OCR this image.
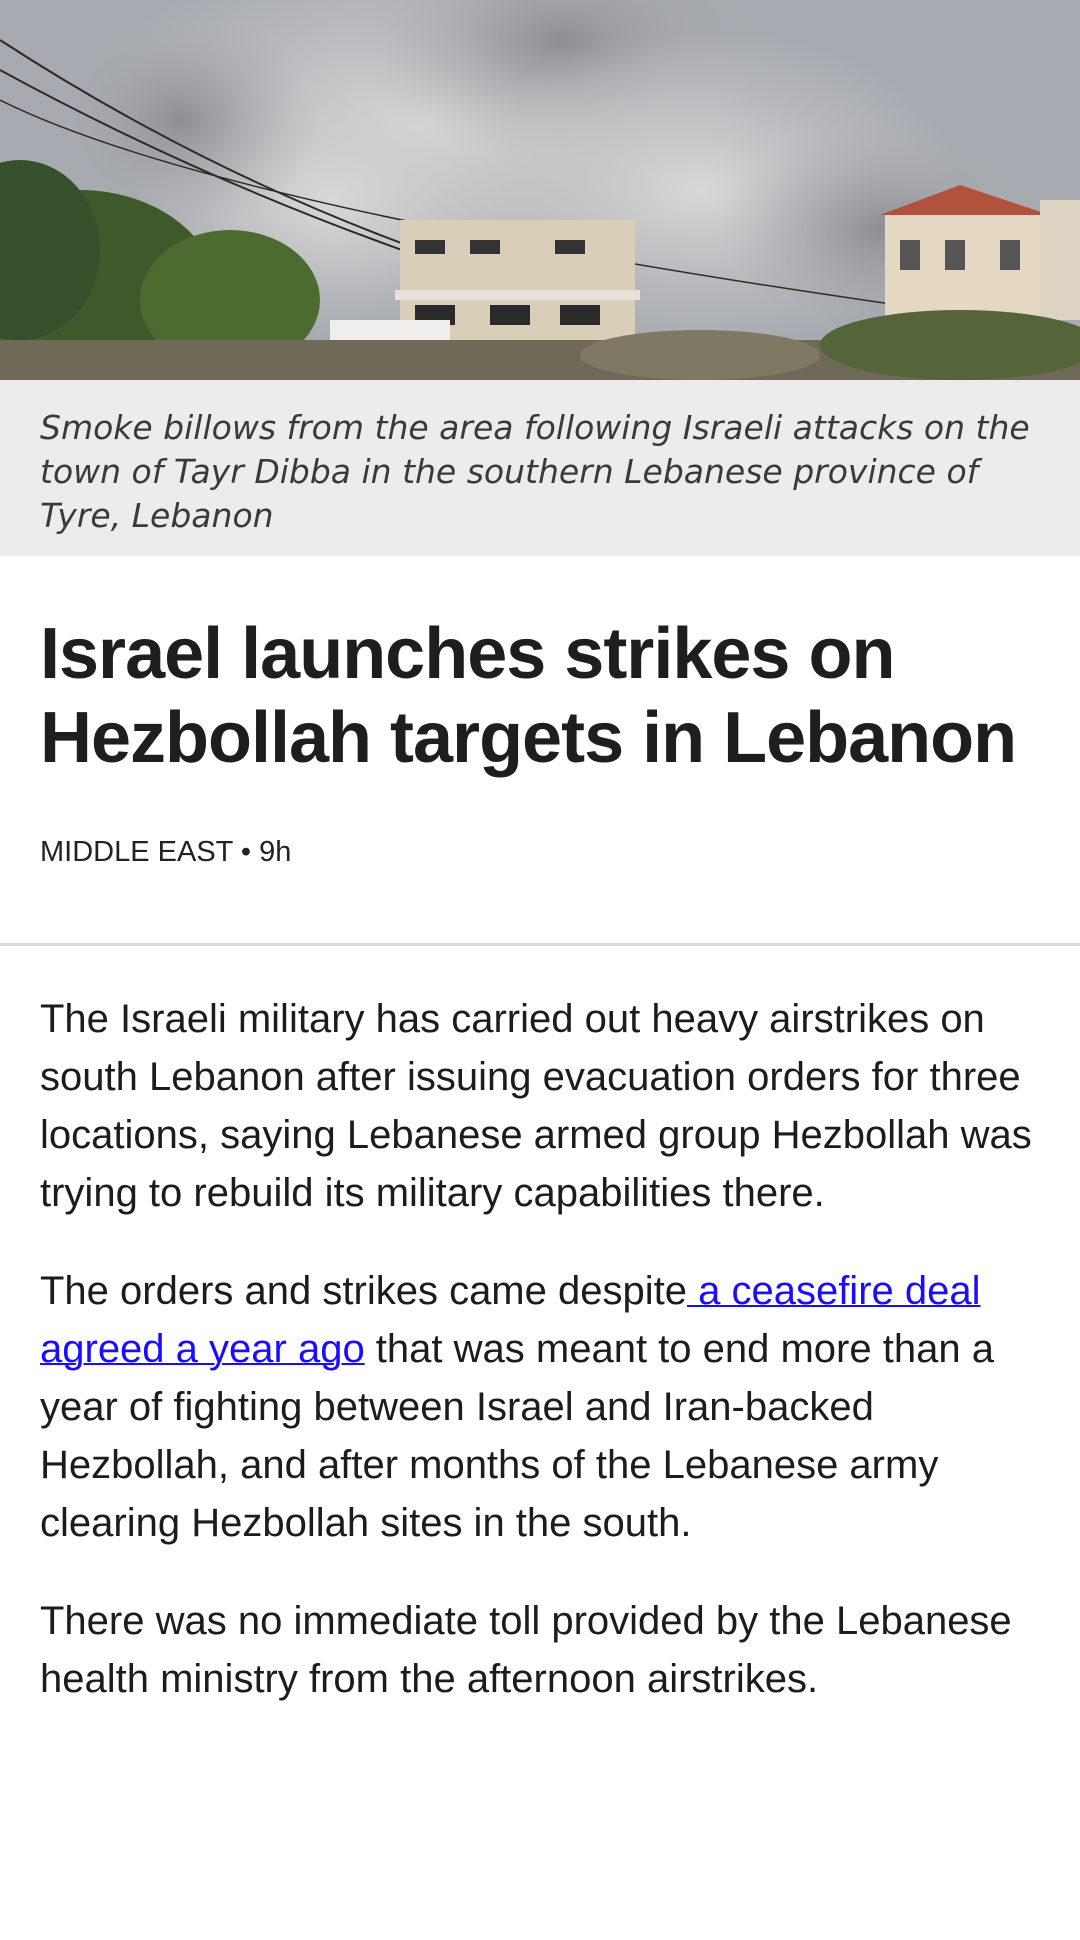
Smoke billows from the area following Israeli attacks on the town of Tayr Dibba in the southern Lebanese province of Tyre, Lebanon

Israel launches strikes on Hezbollah targets in Lebanon
MIDDLE EAST • 9h

The Israeli military has carried out heavy airstrikes on south Lebanon after issuing evacuation orders for three locations, saying Lebanese armed group Hezbollah was trying to rebuild its military capabilities there.

The orders and strikes came despite a ceasefire deal agreed a year ago that was meant to end more than a year of fighting between Israel and Iran-backed Hezbollah, and after months of the Lebanese army
clearing Hezbollah sites in the south.

There was no immediate toll provided by the Lebanese health ministry from the afternoon airstrikes.
